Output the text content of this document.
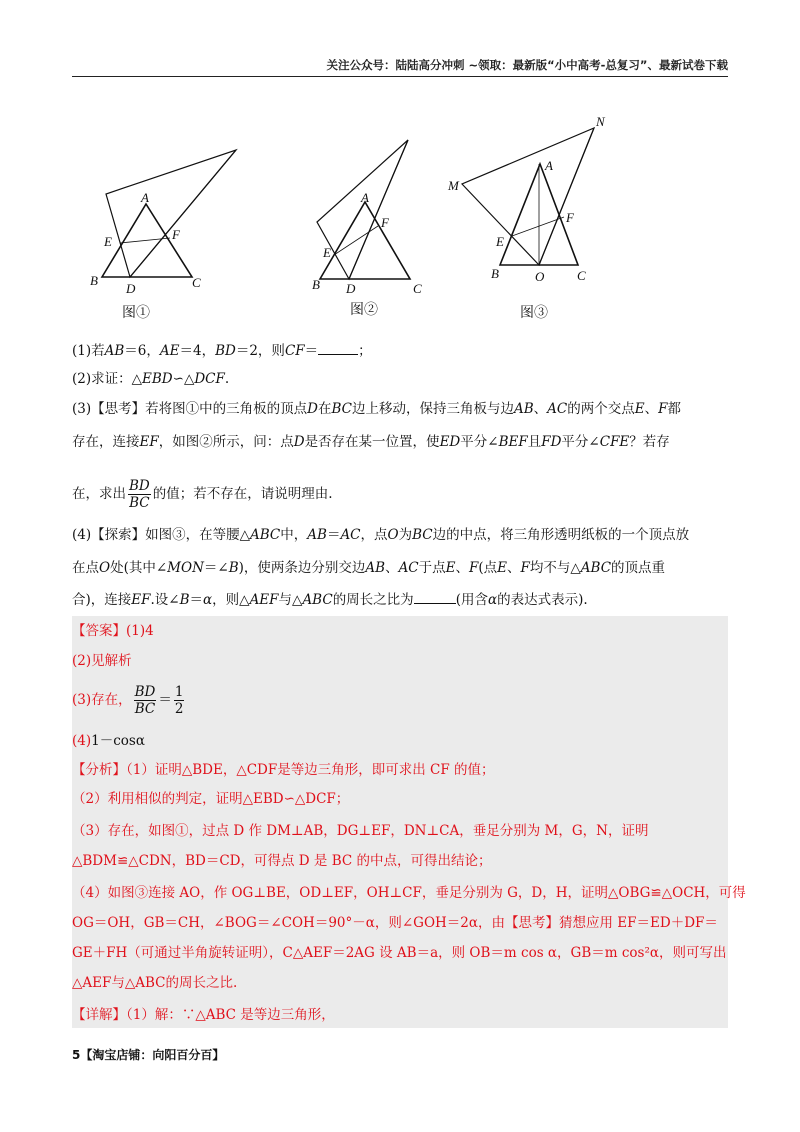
关注公众号：陆陆高分冲刺 ~领取：最新版“小中高考-总复习”、最新试卷下载
A
B	C
D
E	F
图①
A
B	C
D
E
F
图②
A
B	C
E
F
M
N
O
图③
(1)若AB＝6，AE＝4，BD＝2，则CF＝	；
(2)求证：△EBD∽△DCF.
(3)【思考】若将图①中的三角板的顶点D在BC边上移动，保持三角板与边AB、AC的两个交点E、F都
存在，连接EF，如图②所示，问：点D是否存在某一位置，使ED平分∠BEF且FD平分∠CFE？若存
在，求出 $\frac{BD}{BC}$ 的值；若不存在，请说明理由.
(4)【探索】如图③，在等腰△ABC中，AB＝AC，点O为BC边的中点，将三角形透明纸板的一个顶点放
在点O处(其中∠MON＝∠B)，使两条边分别交边AB、AC于点E、F(点E、F均不与△ABC的顶点重
合)，连接EF.设∠B＝α，则△AEF与△ABC的周长之比为	(用含α的表达式表示).
【答案】(1)4
(2)见解析
(3)存在， $\frac{BD}{BC} = \frac{1}{2}$
(4)1－cosα
【分析】（1）证明△BDE，△CDF是等边三角形，即可求出 CF 的值；
（2）利用相似的判定，证明△EBD∽△DCF；
（3）存在，如图①，过点 D 作 DM⊥AB，DG⊥EF，DN⊥CA，垂足分别为 M，G，N，证明
△BDM≌△CDN，BD＝CD，可得点 D 是 BC 的中点，可得出结论；
（4）如图③连接 AO，作 OG⊥BE，OD⊥EF，OH⊥CF，垂足分别为 G，D，H，证明△OBG≌△OCH，可得
OG＝OH，GB＝CH，∠BOG＝∠COH＝90°－α，则∠GOH＝2α，由【思考】猜想应用 EF＝ED＋DF＝
GE＋FH（可通过半角旋转证明），C△AEF＝2AG 设 AB＝a，则 OB＝m cos α，GB＝m cos²α，则可写出
△AEF与△ABC的周长之比.
【详解】（1）解：∵△ABC 是等边三角形，
5【淘宝店铺：向阳百分百】
